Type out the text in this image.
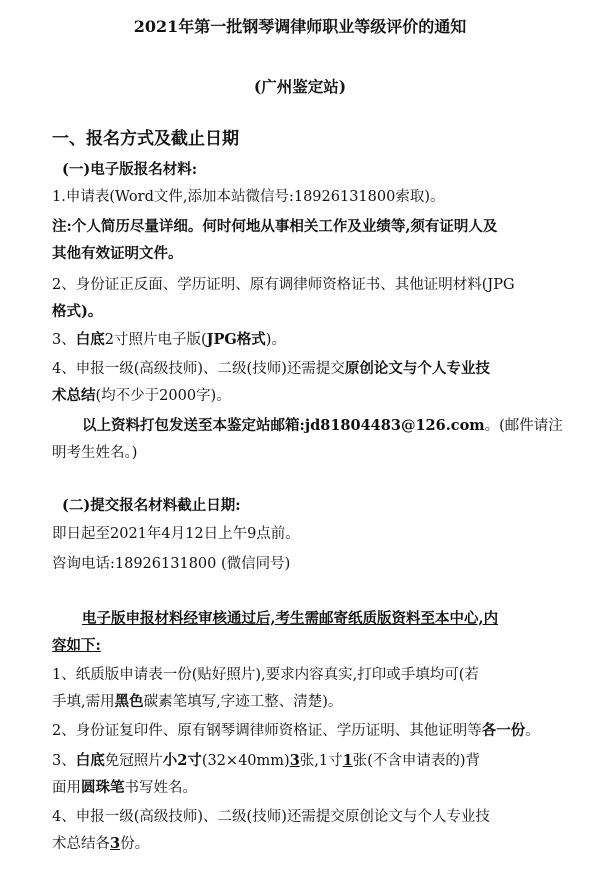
2021年第一批钢琴调律师职业等级评价的通知
(广州鉴定站)
一、报名方式及截止日期
(一)电子版报名材料:
1.申请表(Word文件,添加本站微信号:18926131800索取)。
注:个人简历尽量详细。何时何地从事相关工作及业绩等,须有证明人及
其他有效证明文件。
2、身份证正反面、学历证明、原有调律师资格证书、其他证明材料(JPG
格式)。
3、白底2寸照片电子版(JPG格式)。
4、申报一级(高级技师)、二级(技师)还需提交原创论文与个人专业技
术总结(均不少于2000字)。
以上资料打包发送至本鉴定站邮箱:jd81804483@126.com。(邮件请注
明考生姓名。)
(二)提交报名材料截止日期:
即日起至2021年4月12日上午9点前。
咨询电话:18926131800 (微信同号)
电子版申报材料经审核通过后,考生需邮寄纸质版资料至本中心,内
容如下:
1、纸质版申请表一份(贴好照片),要求内容真实,打印或手填均可(若
手填,需用黑色碳素笔填写,字迹工整、清楚)。
2、身份证复印件、原有钢琴调律师资格证、学历证明、其他证明等各一份。
3、白底免冠照片小2寸(32×40mm)3张,1寸1张(不含申请表的)背
面用圆珠笔书写姓名。
4、申报一级(高级技师)、二级(技师)还需提交原创论文与个人专业技
术总结各3份。
